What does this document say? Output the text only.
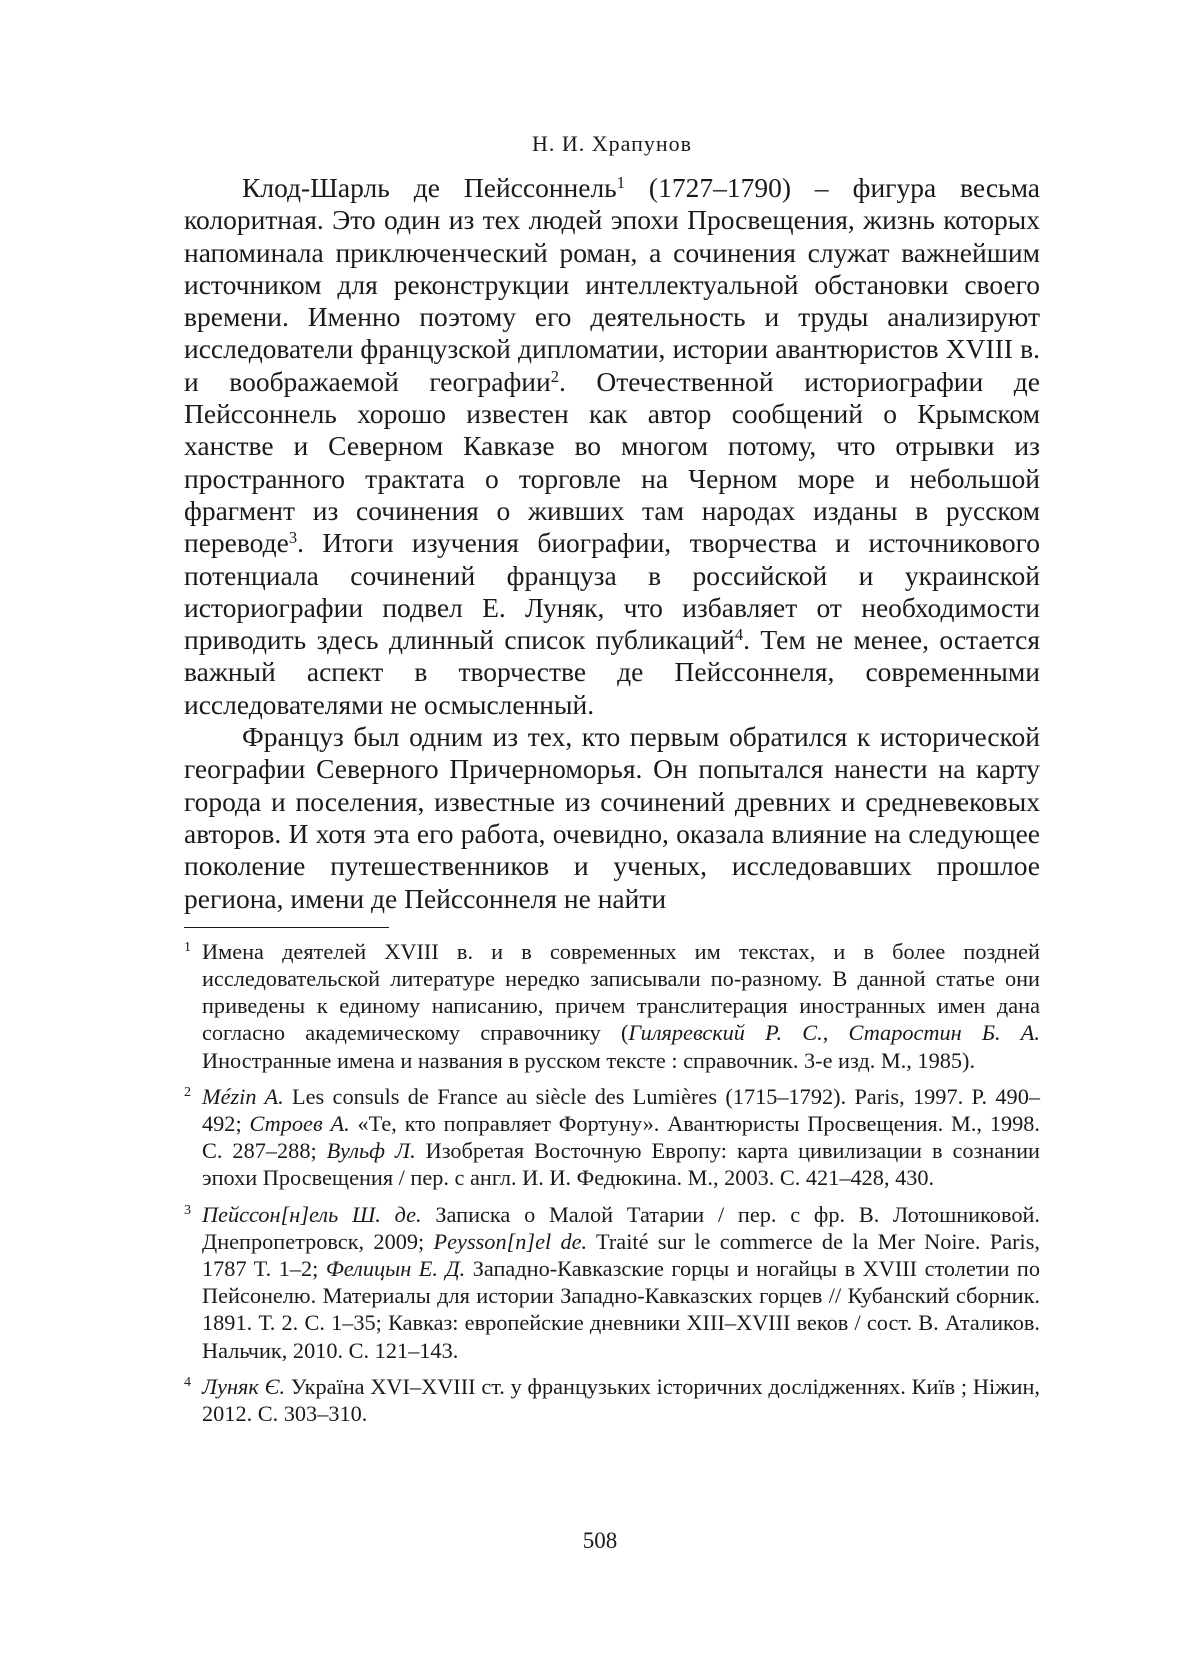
Н. И. Храпунов

Клод-Шарль де Пейссоннель$^1$ (1727–1790) – фигура весьма колоритная. Это один из тех людей эпохи Просвещения, жизнь которых напоминала приключенческий роман, а сочинения служат важнейшим источником для реконструкции интеллектуальной обстановки своего времени. Именно поэтому его деятельность и труды анализируют исследователи французской дипломатии, истории авантюристов XVIII в. и воображаемой географии$^2$. Отечественной историографии де Пейссоннель хорошо известен как автор сообщений о Крымском ханстве и Северном Кавказе во многом потому, что отрывки из пространного трактата о торговле на Черном море и небольшой фрагмент из сочинения о живших там народах изданы в русском переводе$^3$. Итоги изучения биографии, творчества и источникового потенциала сочинений француза в российской и украинской историографии подвел Е. Луняк, что избавляет от необходимости приводить здесь длинный список публикаций$^4$. Тем не менее, остается важный аспект в творчестве де Пейссоннеля, современными исследователями не осмысленный.

Француз был одним из тех, кто первым обратился к исторической географии Северного Причерноморья. Он попытался нанести на карту города и поселения, известные из сочинений древних и средневековых авторов. И хотя эта его работа, очевидно, оказала влияние на следующее поколение путешественников и ученых, исследовавших прошлое региона, имени де Пейссоннеля не найти

1 Имена деятелей XVIII в. и в современных им текстах, и в более поздней исследовательской литературе нередко записывали по-разному. В данной статье они приведены к единому написанию, причем транслитерация иностранных имен дана согласно академическому справочнику (Гиляревский Р. С., Старостин Б. А. Иностранные имена и названия в русском тексте : справочник. 3-е изд. М., 1985).
2 Mézin A. Les consuls de France au siècle des Lumières (1715–1792). Paris, 1997. P. 490–492; Строев А. «Те, кто поправляет Фортуну». Авантюристы Просвещения. М., 1998. С. 287–288; Вульф Л. Изобретая Восточную Европу: карта цивилизации в сознании эпохи Просвещения / пер. с англ. И. И. Федюкина. М., 2003. С. 421–428, 430.
3 Пейссон[н]ель Ш. де. Записка о Малой Татарии / пер. с фр. В. Лотошниковой. Днепропетровск, 2009; Peysson[n]el de. Traité sur le commerce de la Mer Noire. Paris, 1787 T. 1–2; Фелицын Е. Д. Западно-Кавказские горцы и ногайцы в XVIII столетии по Пейсонелю. Материалы для истории Западно-Кавказских горцев // Кубанский сборник. 1891. Т. 2. С. 1–35; Кавказ: европейские дневники XIII–XVIII веков / сост. В. Аталиков. Нальчик, 2010. С. 121–143.
4 Луняк Є. Україна XVI–XVIII ст. у французьких історичних дослідженнях. Київ ; Ніжин, 2012. С. 303–310.
508
